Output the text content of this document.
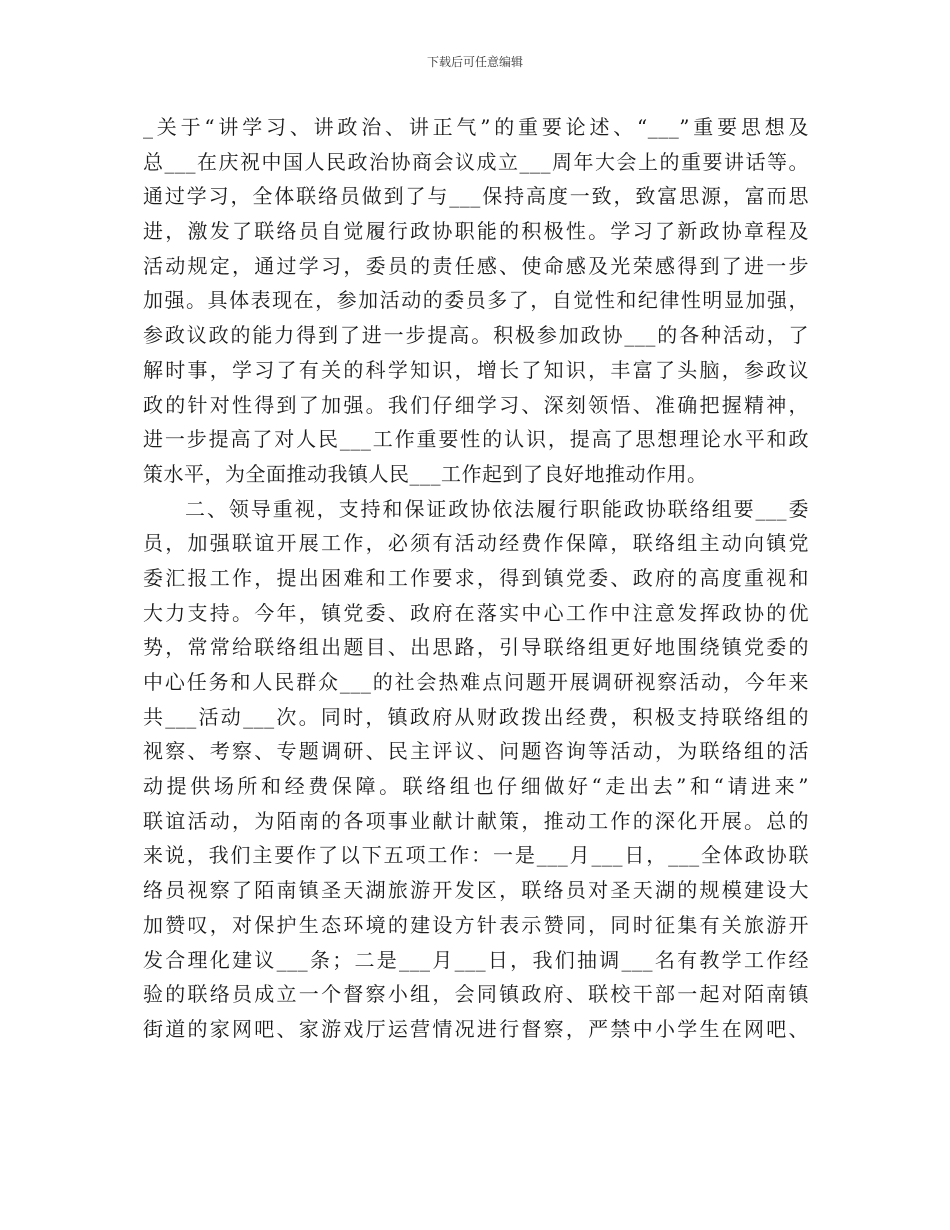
下载后可任意编辑
_关于“讲学习、讲政治、讲正气”的重要论述、“___”重要思想及
总___在庆祝中国人民政治协商会议成立___周年大会上的重要讲话等。
通过学习，全体联络员做到了与___保持高度一致，致富思源，富而思
进，激发了联络员自觉履行政协职能的积极性。学习了新政协章程及
活动规定，通过学习，委员的责任感、使命感及光荣感得到了进一步
加强。具体表现在，参加活动的委员多了，自觉性和纪律性明显加强，
参政议政的能力得到了进一步提高。积极参加政协___的各种活动，了
解时事，学习了有关的科学知识，增长了知识，丰富了头脑，参政议
政的针对性得到了加强。我们仔细学习、深刻领悟、准确把握精神，
进一步提高了对人民___工作重要性的认识，提高了思想理论水平和政
策水平，为全面推动我镇人民___工作起到了良好地推动作用。
二、领导重视，支持和保证政协依法履行职能政协联络组要___委
员，加强联谊开展工作，必须有活动经费作保障，联络组主动向镇党
委汇报工作，提出困难和工作要求，得到镇党委、政府的高度重视和
大力支持。今年，镇党委、政府在落实中心工作中注意发挥政协的优
势，常常给联络组出题目、出思路，引导联络组更好地围绕镇党委的
中心任务和人民群众___的社会热难点问题开展调研视察活动，今年来
共___活动___次。同时，镇政府从财政拨出经费，积极支持联络组的
视察、考察、专题调研、民主评议、问题咨询等活动，为联络组的活
动提供场所和经费保障。联络组也仔细做好“走出去”和“请进来”
联谊活动，为陌南的各项事业献计献策，推动工作的深化开展。总的
来说，我们主要作了以下五项工作：一是___月___日，___全体政协联
络员视察了陌南镇圣天湖旅游开发区，联络员对圣天湖的规模建设大
加赞叹，对保护生态环境的建设方针表示赞同，同时征集有关旅游开
发合理化建议___条；二是___月___日，我们抽调___名有教学工作经
验的联络员成立一个督察小组，会同镇政府、联校干部一起对陌南镇
街道的家网吧、家游戏厅运营情况进行督察，严禁中小学生在网吧、
